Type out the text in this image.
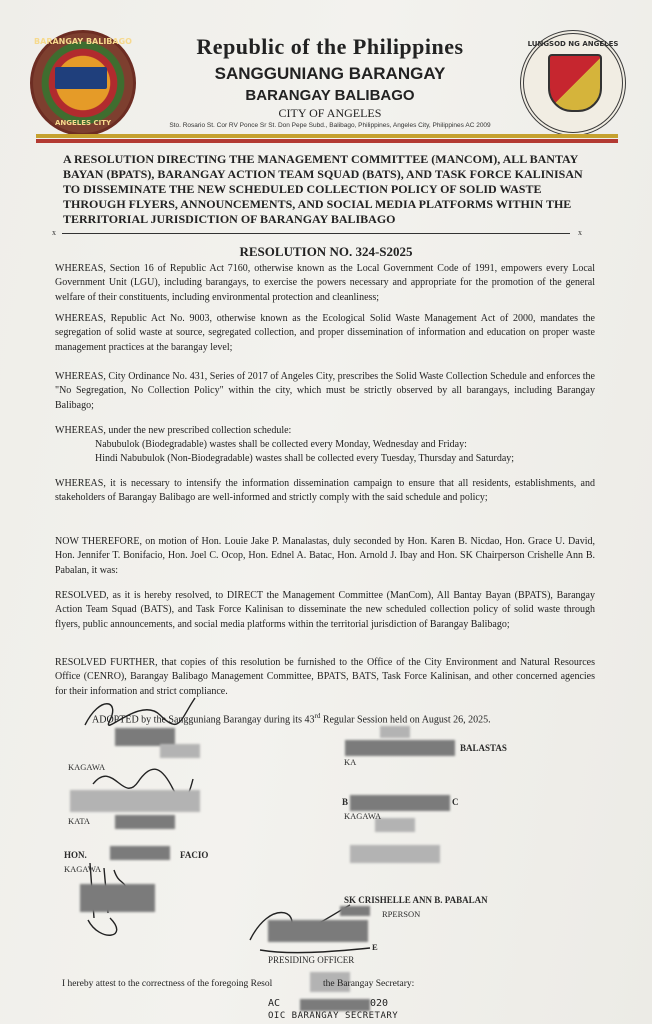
BARANGAY BALIBAGO
ANGELES CITY
LUNGSOD NG ANGELES
Republic of the Philippines
SANGGUNIANG BARANGAY
BARANGAY BALIBAGO
CITY OF ANGELES
Sto. Rosario St. Cor RV Ponce Sr St. Don Pepe Subd., Balibago, Philippines, Angeles City, Philippines AC 2009
A RESOLUTION DIRECTING THE MANAGEMENT COMMITTEE (MANCOM), ALL BANTAY BAYAN (BPATS), BARANGAY ACTION TEAM SQUAD (BATS), AND TASK FORCE KALINISAN TO DISSEMINATE THE NEW SCHEDULED COLLECTION POLICY OF SOLID WASTE THROUGH FLYERS, ANNOUNCEMENTS, AND SOCIAL MEDIA PLATFORMS WITHIN THE TERRITORIAL JURISDICTION OF BARANGAY BALIBAGO
x	x
RESOLUTION NO. 324-S2025
WHEREAS, Section 16 of Republic Act 7160, otherwise known as the Local Government Code of 1991, empowers every Local Government Unit (LGU), including barangays, to exercise the powers necessary and appropriate for the promotion of the general welfare of their constituents, including environmental protection and cleanliness;
WHEREAS, Republic Act No. 9003, otherwise known as the Ecological Solid Waste Management Act of 2000, mandates the segregation of solid waste at source, segregated collection, and proper dissemination of information and education on proper waste management practices at the barangay level;
WHEREAS, City Ordinance No. 431, Series of 2017 of Angeles City, prescribes the Solid Waste Collection Schedule and enforces the "No Segregation, No Collection Policy" within the city, which must be strictly observed by all barangays, including Barangay Balibago;
WHEREAS, under the new prescribed collection schedule:
Nabubulok (Biodegradable) wastes shall be collected every Monday, Wednesday and Friday:
Hindi Nabubulok (Non-Biodegradable) wastes shall be collected every Tuesday, Thursday and Saturday;
WHEREAS, it is necessary to intensify the information dissemination campaign to ensure that all residents, establishments, and stakeholders of Barangay Balibago are well-informed and strictly comply with the said schedule and policy;
NOW THEREFORE, on motion of Hon. Louie Jake P. Manalastas, duly seconded by Hon. Karen B. Nicdao, Hon. Grace U. David, Hon. Jennifer T. Bonifacio, Hon. Joel C. Ocop, Hon. Ednel A. Batac, Hon. Arnold J. Ibay and Hon. SK Chairperson Crishelle Ann B. Pabalan, it was:
RESOLVED, as it is hereby resolved, to DIRECT the Management Committee (ManCom), All Bantay Bayan (BPATS), Barangay Action Team Squad (BATS), and Task Force Kalinisan to disseminate the new scheduled collection policy of solid waste through flyers, public announcements, and social media platforms within the territorial jurisdiction of Barangay Balibago;
RESOLVED FURTHER, that copies of this resolution be furnished to the Office of the City Environment and Natural Resources Office (CENRO), Barangay Balibago Management Committee, BPATS, BATS, Task Force Kalinisan, and other concerned agencies for their information and strict compliance.
ADOPTED by the Sangguniang Barangay during its 43rd Regular Session held on August 26, 2025.
BALASTAS
KA
KAGAWA
KATA
B	C
KAGAWA
HON.	FACIO
KAGAWA
SK CRISHELLE ANN B. PABALAN
RPERSON
E
PRESIDING OFFICER
I hereby attest to the correctness of the foregoing Resol	the Barangay Secretary:
AC	020
OIC BARANGAY SECRETARY
